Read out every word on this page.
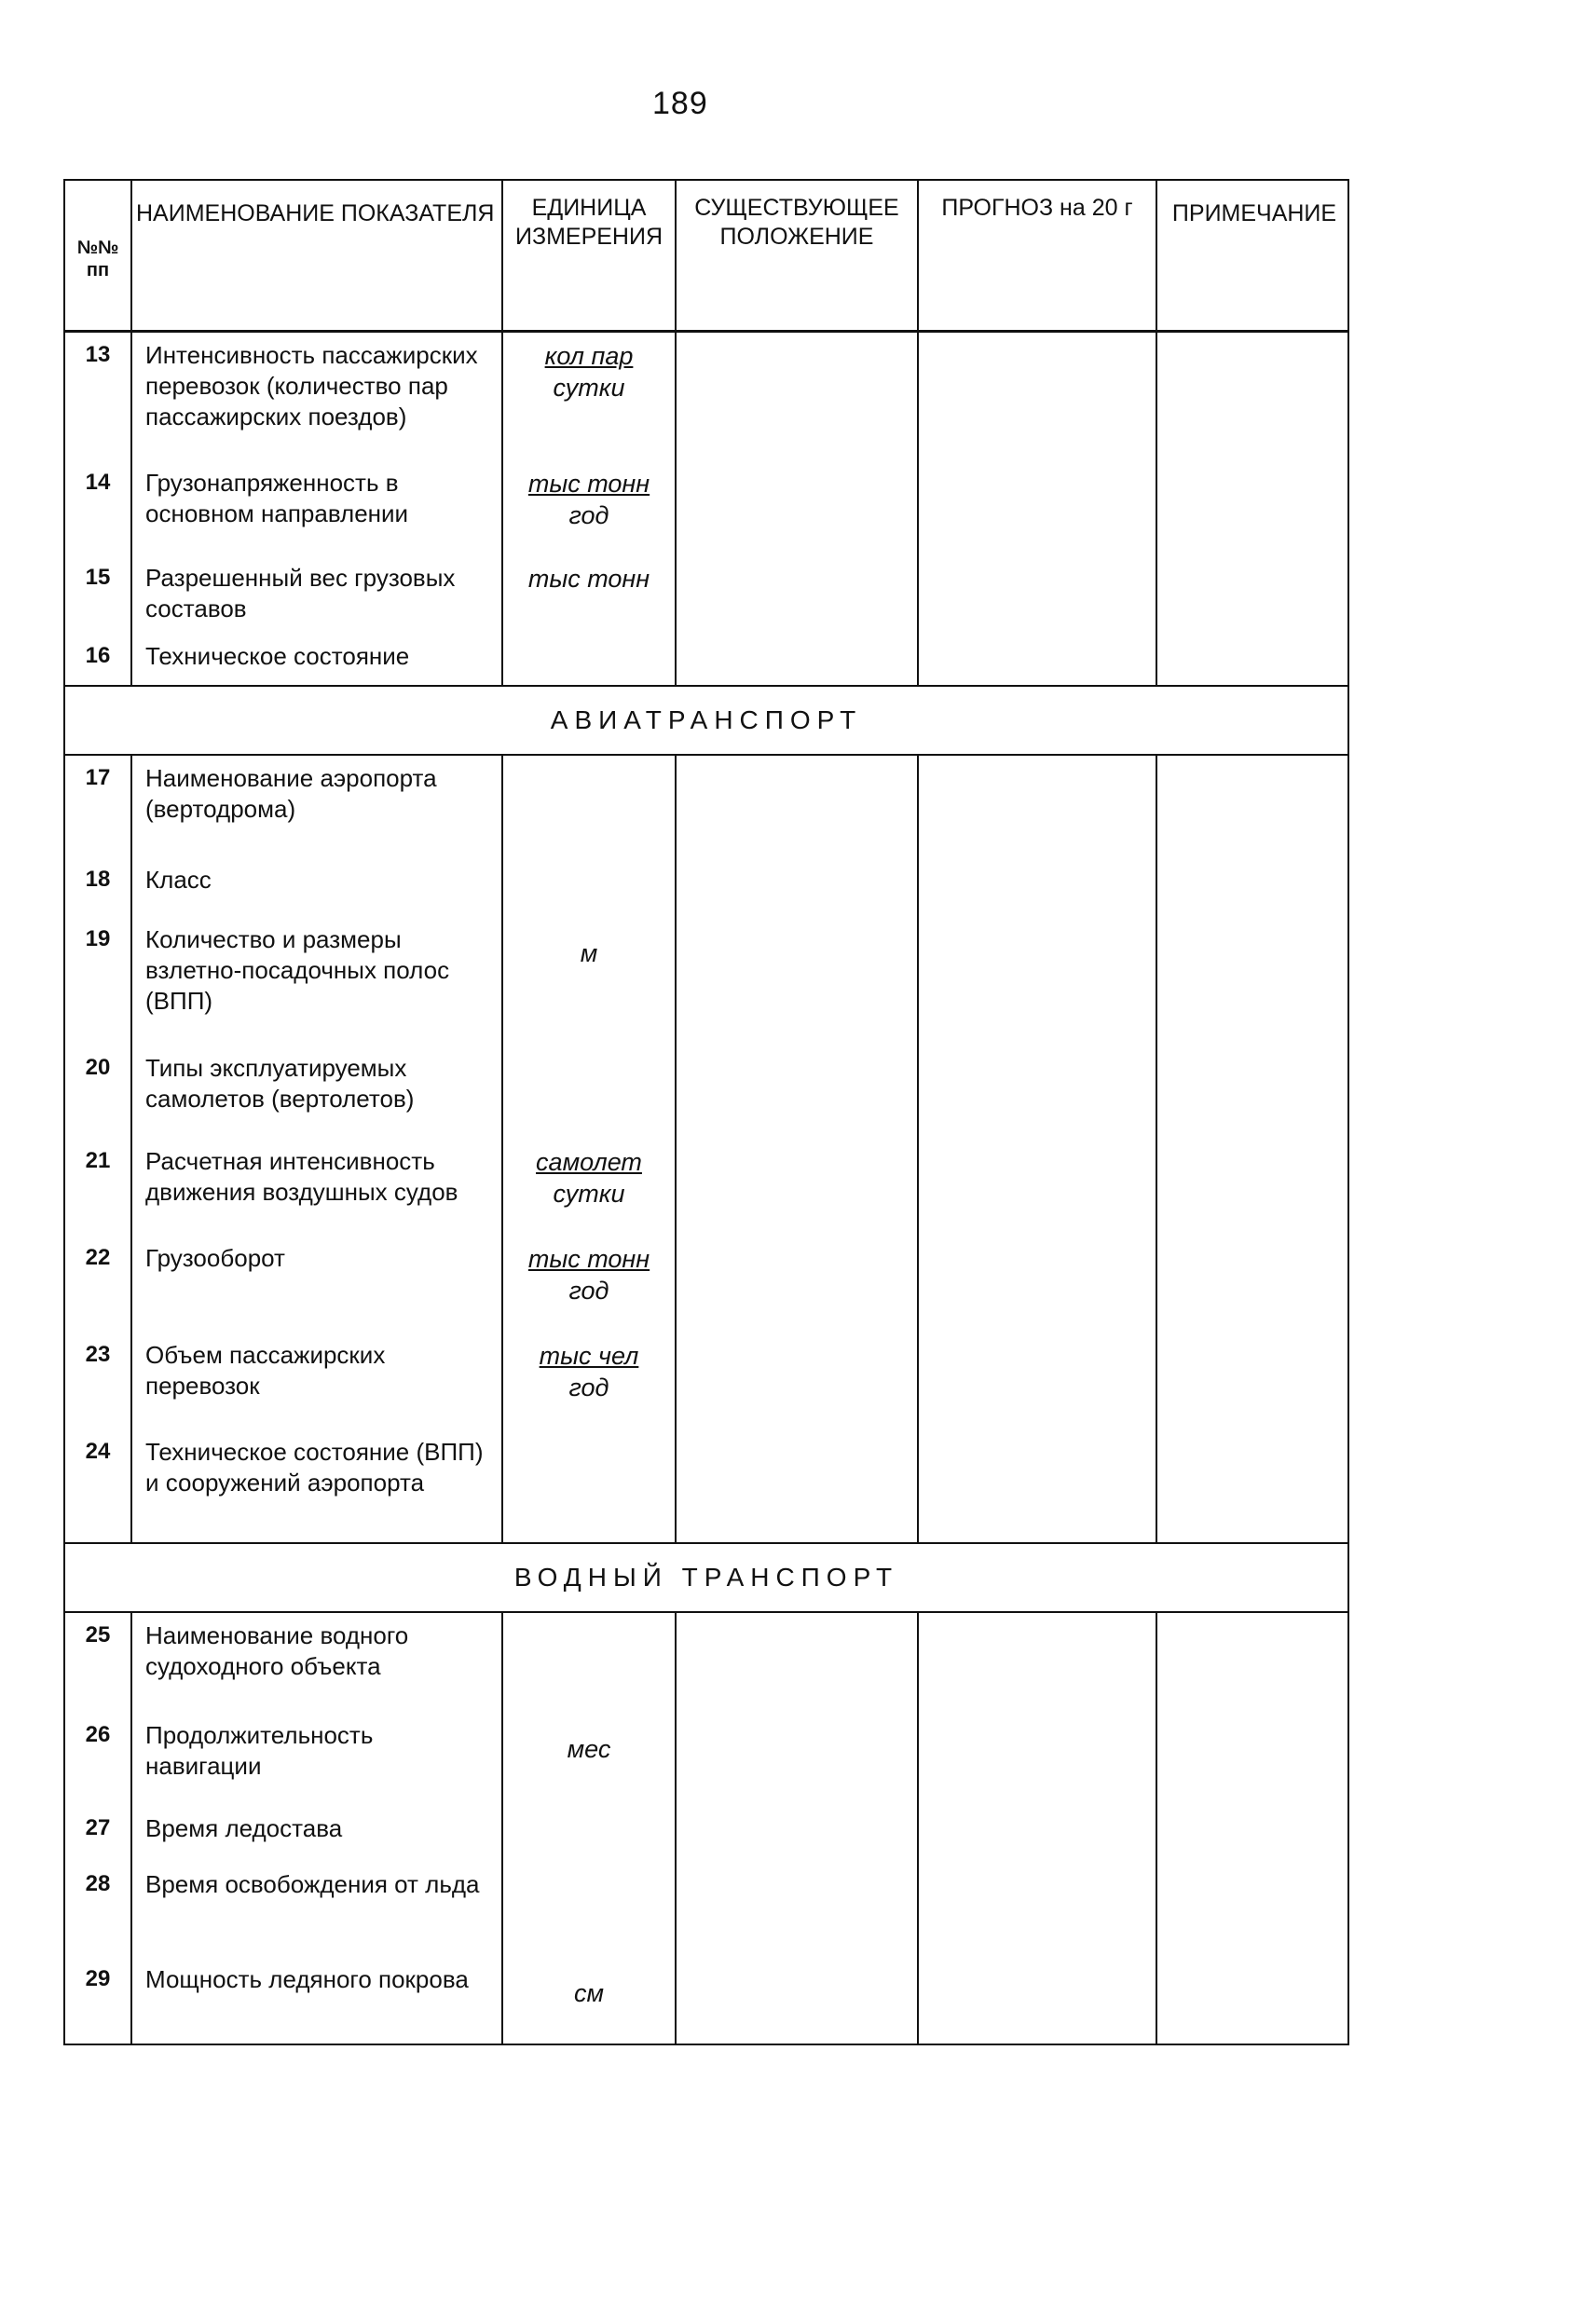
189
№№ пп	НАИМЕНОВАНИЕ ПОКАЗАТЕЛЯ	ЕДИНИЦА ИЗМЕРЕНИЯ	СУЩЕСТВУЮЩЕЕ ПОЛОЖЕНИЕ	ПРОГНОЗ на 20 г	ПРИМЕЧАНИЕ
13	Интенсивность пассажирских перевозок (количество пар пассажирских поездов)	$\frac{\text{кол пар}}{\text{сутки}}$

14	Грузонапряженность в основном направлении	$\frac{\text{тыс тонн}}{\text{год}}$

15	Разрешенный вес грузовых составов	тыс тонн			
16	Техническое состояние				
АВИАТРАНСПОРТ					
17	Наименование аэропорта (вертодрома)				
18	Класс				
19	Количество и размеры взлетно-посадочных полос (ВПП)	м			
20	Типы эксплуатируемых самолетов (вертолетов)				
21	Расчетная интенсивность движения воздушных судов	$\frac{\text{самолет}}{\text{сутки}}$

22	Грузооборот	$\frac{\text{тыс тонн}}{\text{год}}$

23	Объем пассажирских перевозок	$\frac{\text{тыс чел}}{\text{год}}$

24	Техническое состояние (ВПП) и сооружений аэропорта				
ВОДНЫЙ ТРАНСПОРТ					
25	Наименование водного судоходного объекта				
26	Продолжительность навигации	мес			
27	Время ледостава				
28	Время освобождения от льда				
29	Мощность ледяного покрова	см			
